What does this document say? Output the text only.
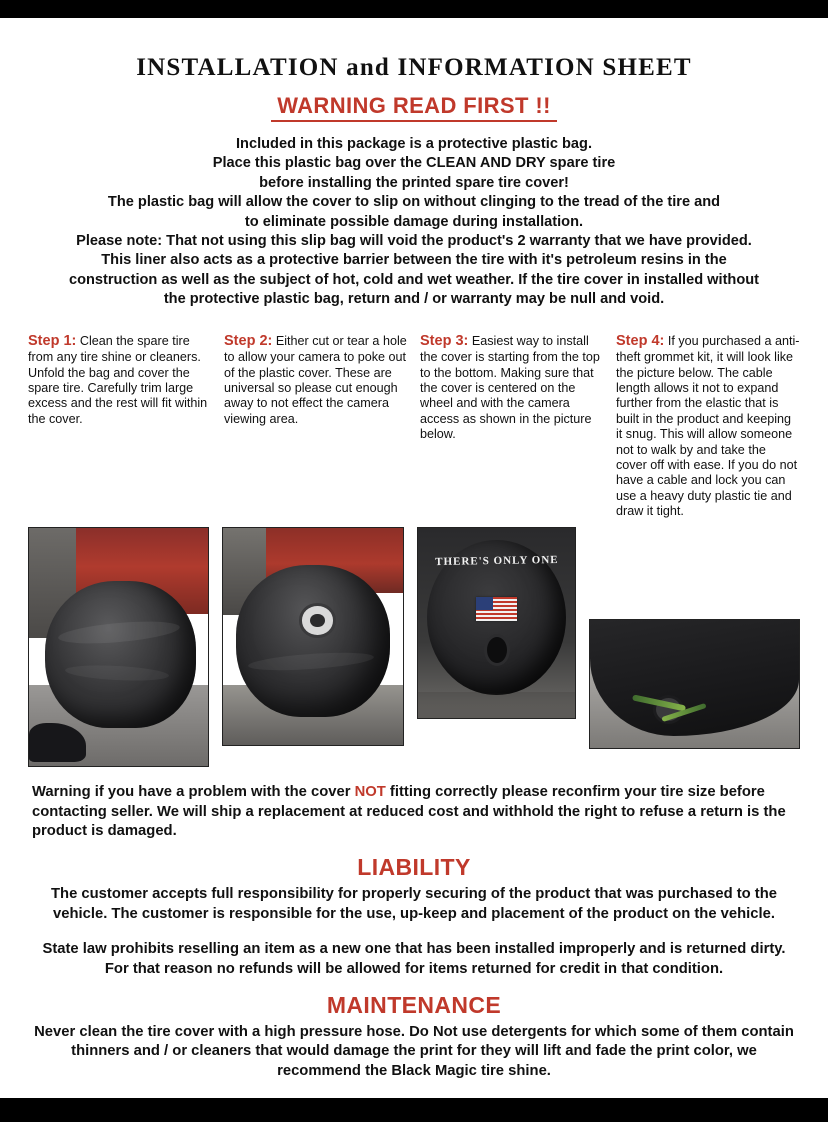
INSTALLATION and INFORMATION SHEET
WARNING READ FIRST !!

Included in this package is a protective plastic bag.

Place this plastic bag over the CLEAN AND DRY spare tire

before installing the printed spare tire cover!

The plastic bag will allow the cover to slip on without clinging to the tread of the tire and

to eliminate possible damage during installation.

Please note: That not using this slip bag will void the product's 2 warranty that we have provided.

This liner also acts as a protective barrier between the tire with it's petroleum resins in the

construction as well as the subject of hot, cold and wet weather. If the tire cover in installed without

the protective plastic bag, return and / or warranty may be null and void.

Step 1: Clean the spare tire from any tire shine or cleaners. Unfold the bag and cover the spare tire. Carefully trim large excess and the rest will fit within the cover.
Step 2: Either cut or tear a hole to allow your camera to poke out of the plastic cover. These are universal so please cut enough away to not effect the camera viewing area.
Step 3: Easiest way to install the cover is starting from the top to the bottom. Making sure that the cover is centered on the wheel and with the camera access as shown in the picture below.
Step 4: If you purchased a anti-theft grommet kit, it will look like the picture below. The cable length allows it not to expand further from the elastic that is built in the product and keeping it snug. This will allow someone not to walk by and take the cover off with ease. If you do not have a cable and lock you can use a heavy duty plastic tie and draw it tight.
THERE'S ONLY ONE
Warning if you have a problem with the cover NOT fitting correctly please reconfirm your tire size before contacting seller. We will ship a replacement at reduced cost and withhold the right to refuse a return is the product is damaged.
LIABILITY
The customer accepts full responsibility for properly securing of the product that was purchased to the vehicle. The customer is responsible for the use, up-keep and placement of the product on the vehicle.
State law prohibits reselling an item as a new one that has been installed improperly and is returned dirty. For that reason no refunds will be allowed for items returned for credit in that condition.
MAINTENANCE
Never clean the tire cover with a high pressure hose. Do Not use detergents for which some of them contain thinners and / or cleaners that would damage the print for they will lift and fade the print color, we recommend the Black Magic tire shine.
